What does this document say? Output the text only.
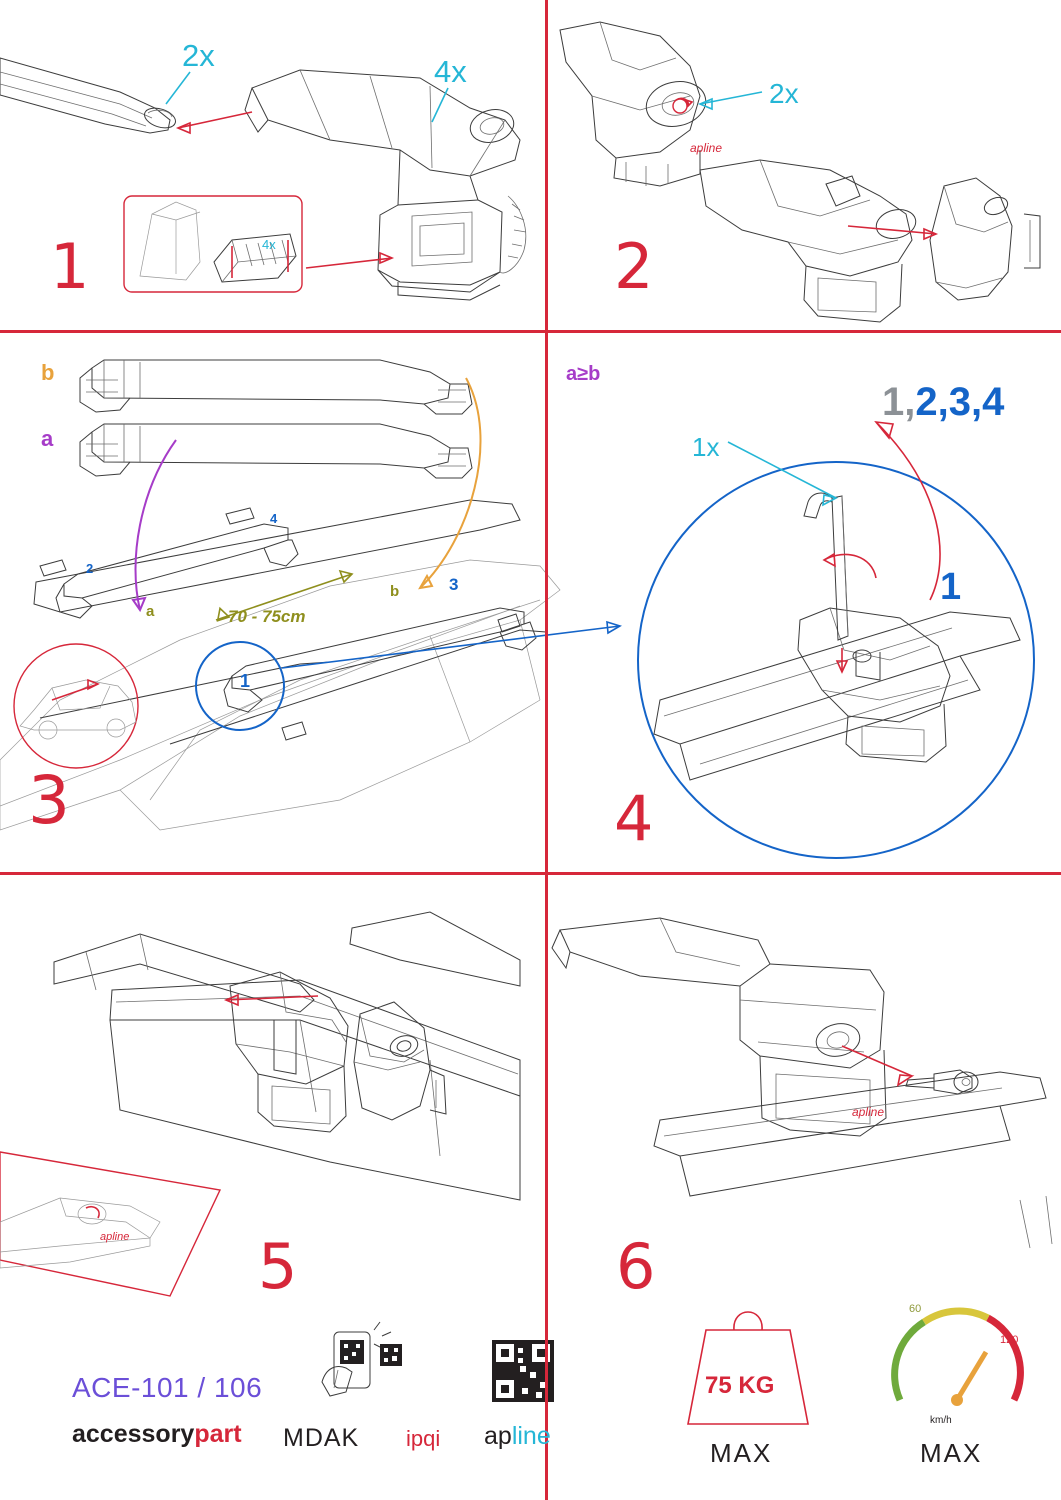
apline
apline
apline
1	2
3	4
5	6
2x	4x
2x
4x
b
a
a≥b
70 - 75cm
a
b
1
2
3
4
1x
1,2,3,4
1
ACE-101 / 106
accessorypart MDAK ipqi apline
75 KG
MAX	MAX
60
120
km/h
